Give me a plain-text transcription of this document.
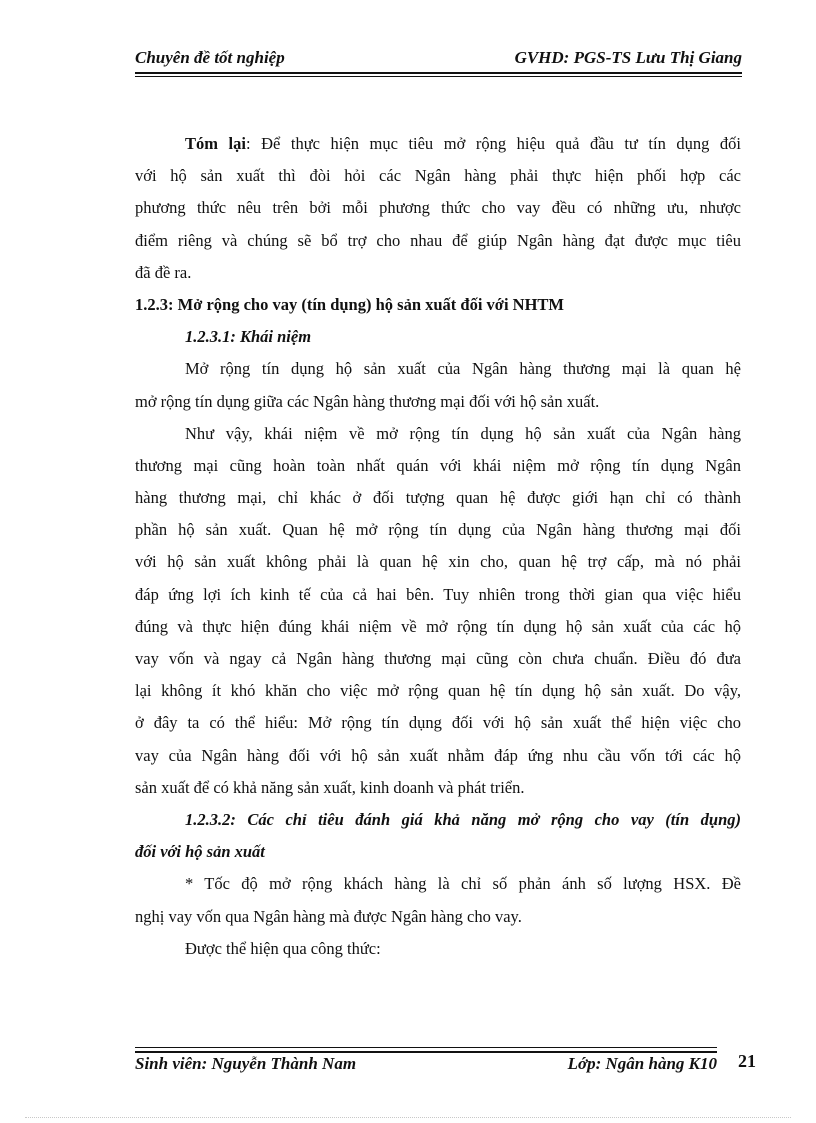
Chuyên đề tốt nghiệp	GVHD: PGS-TS Lưu Thị Giang
Tóm lại: Để thực hiện mục tiêu mở rộng hiệu quả đầu tư tín dụng đối
với hộ sản xuất thì đòi hỏi các Ngân hàng phải thực hiện phối hợp các
phương thức nêu trên bởi mỗi phương thức cho vay đều có những ưu, nhược
điểm riêng và chúng sẽ bổ trợ cho nhau để giúp Ngân hàng đạt được mục tiêu
đã đề ra.
1.2.3: Mở rộng cho vay (tín dụng) hộ sản xuất đối với NHTM
1.2.3.1: Khái niệm
Mở rộng tín dụng hộ sản xuất của Ngân hàng thương mại là quan hệ
mở rộng tín dụng giữa các Ngân hàng thương mại đối với hộ sản xuất.
Như vậy, khái niệm về mở rộng tín dụng hộ sản xuất của Ngân hàng
thương mại cũng hoàn toàn nhất quán với khái niệm mở rộng tín dụng Ngân
hàng thương mại, chỉ khác ở đối tượng quan hệ được giới hạn chỉ có thành
phần hộ sản xuất. Quan hệ mở rộng tín dụng của Ngân hàng thương mại đối
với hộ sản xuất không phải là quan hệ xin cho, quan hệ trợ cấp, mà nó phải
đáp ứng lợi ích kinh tế của cả hai bên. Tuy nhiên trong thời gian qua việc hiểu
đúng và thực hiện đúng khái niệm về mở rộng tín dụng hộ sản xuất của các hộ
vay vốn và ngay cả Ngân hàng thương mại cũng còn chưa chuẩn. Điều đó đưa
lại không ít khó khăn cho việc mở rộng quan hệ tín dụng hộ sản xuất. Do vậy,
ở đây ta có thể hiểu: Mở rộng tín dụng đối với hộ sản xuất thể hiện việc cho
vay của Ngân hàng đối với hộ sản xuất nhằm đáp ứng nhu cầu vốn tới các hộ
sản xuất để có khả năng sản xuất, kinh doanh và phát triển.
1.2.3.2: Các chỉ tiêu đánh giá khả năng mở rộng cho vay (tín dụng)
đối với hộ sản xuất
* Tốc độ mở rộng khách hàng là chỉ số phản ánh số lượng HSX. Đề
nghị vay vốn qua Ngân hàng mà được Ngân hàng cho vay.
Được thể hiện qua công thức:
Sinh viên: Nguyễn Thành Nam	Lớp: Ngân hàng K10 21
